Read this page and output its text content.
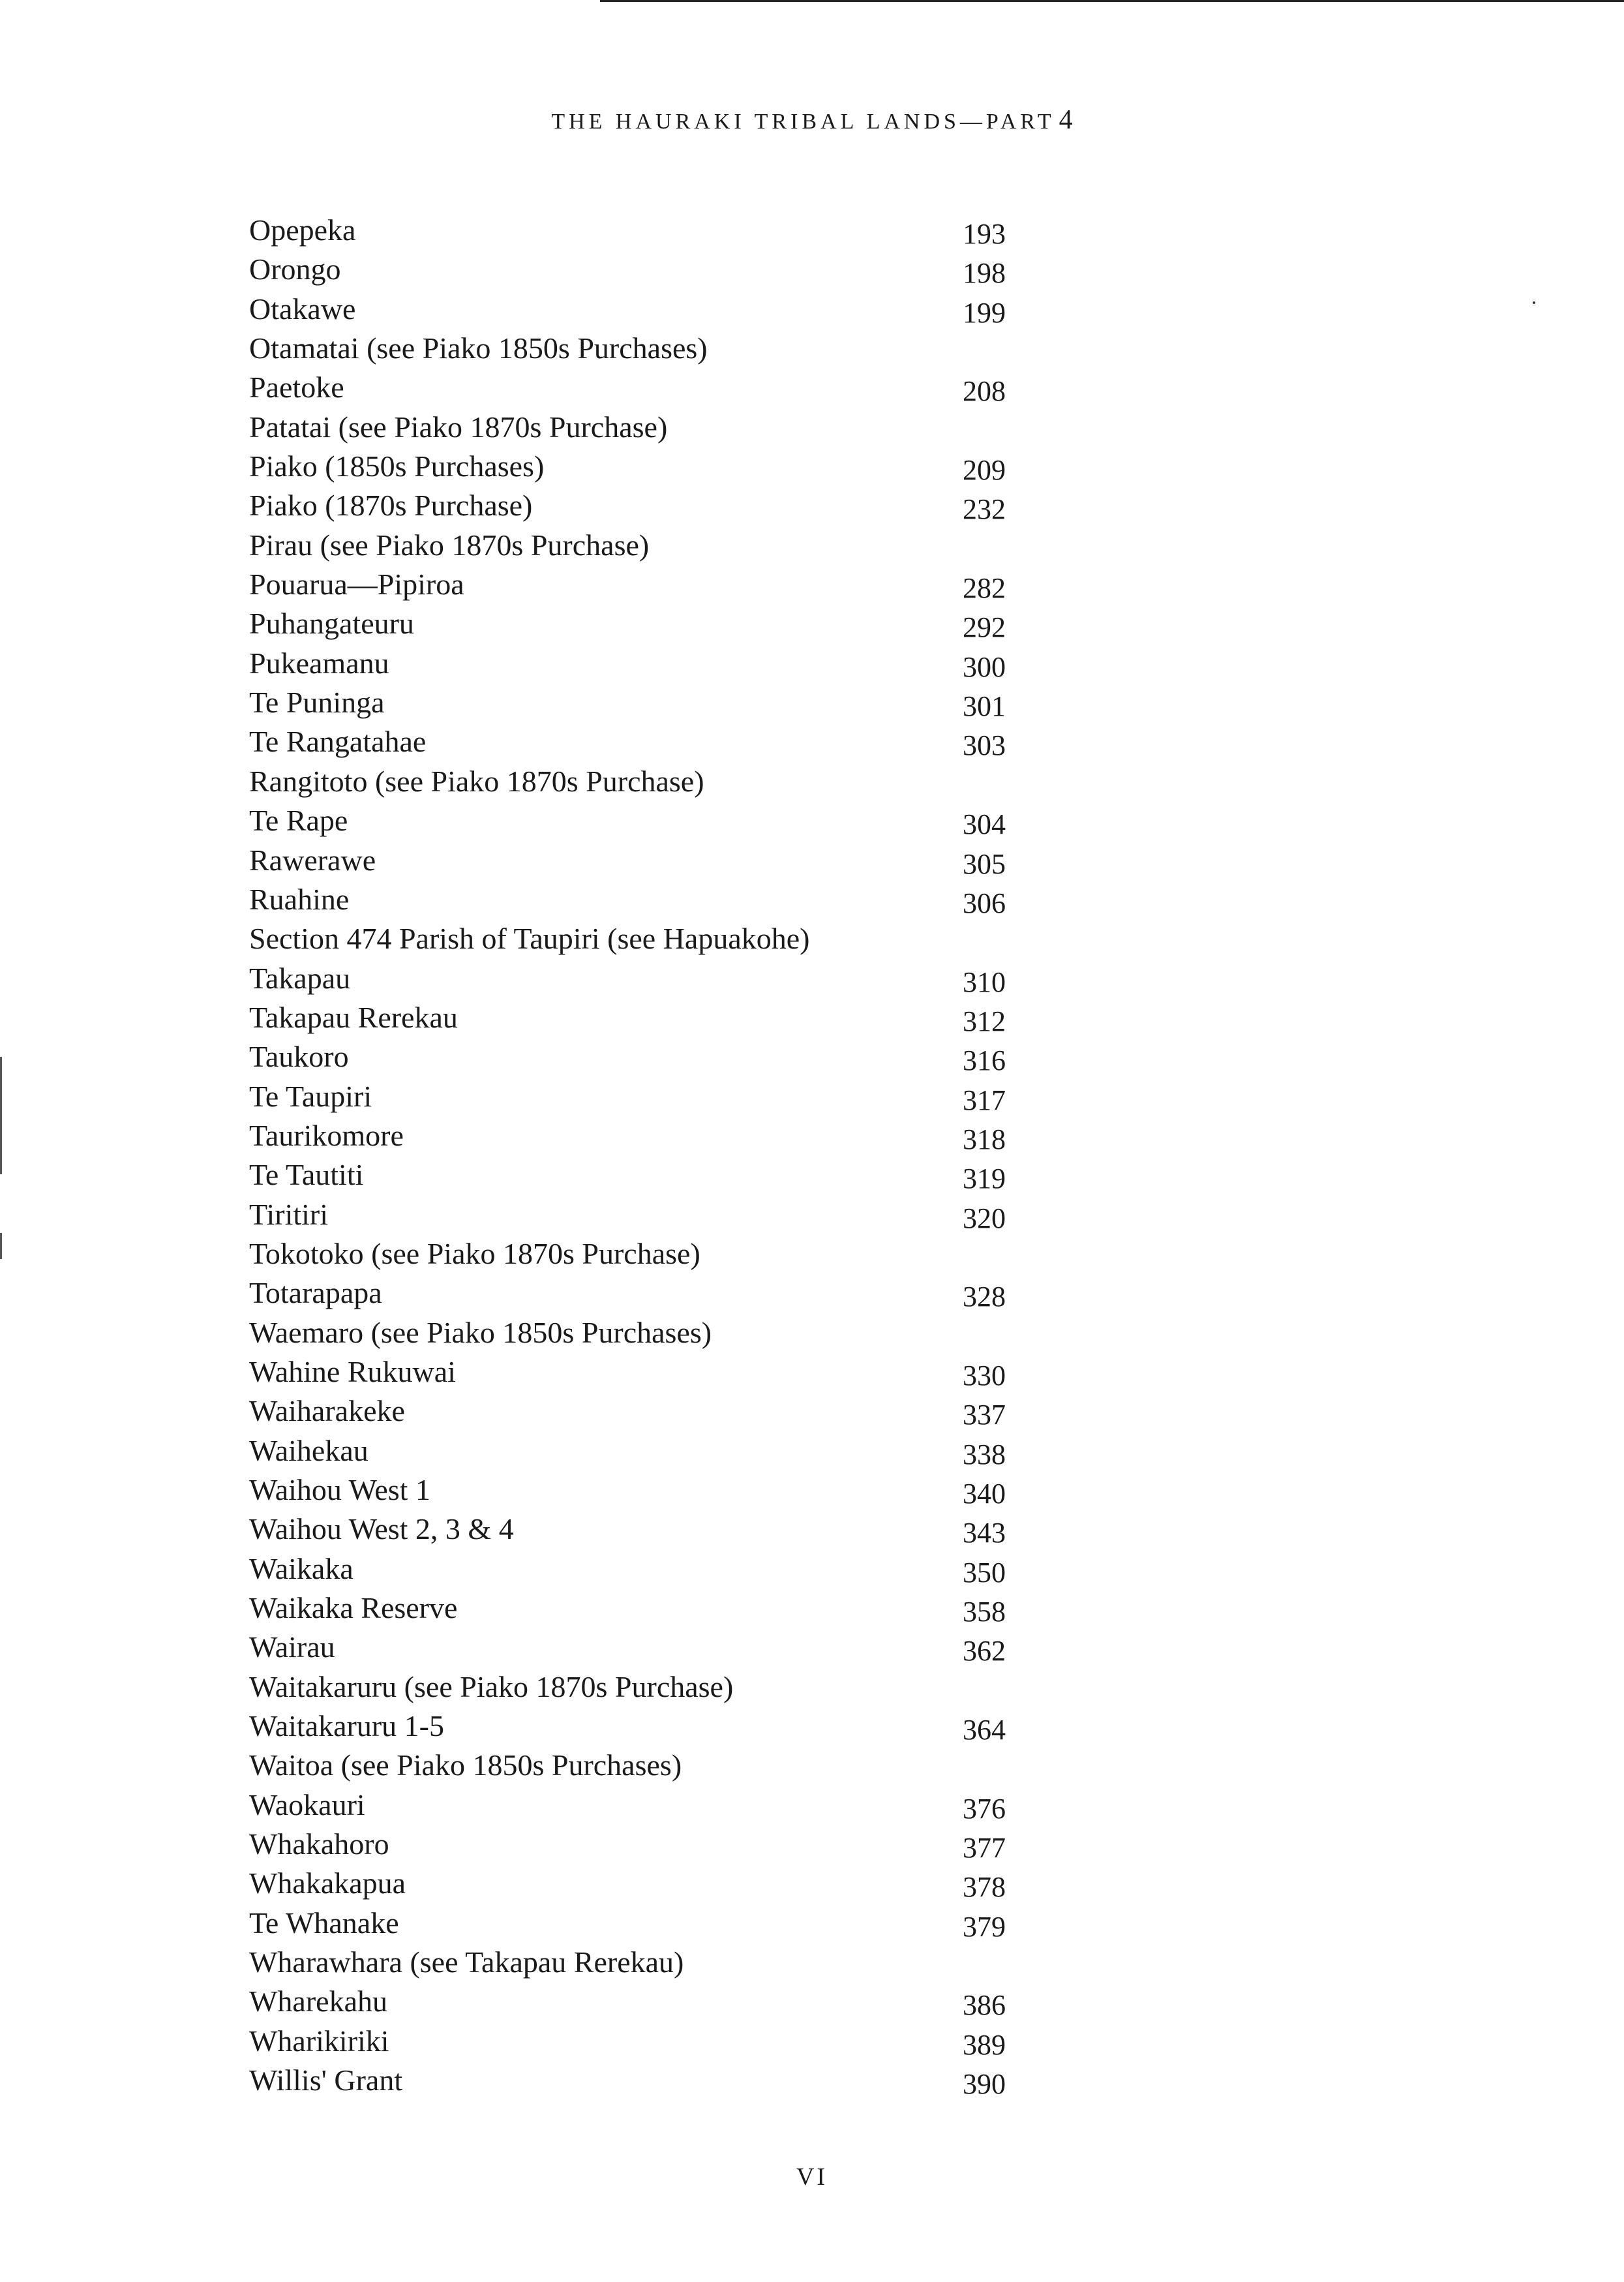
THE HAURAKI TRIBAL LANDS—PART 4
Opepeka	193
Orongo	198
Otakawe	199
Otamatai (see Piako 1850s Purchases)
Paetoke	208
Patatai (see Piako 1870s Purchase)
Piako (1850s Purchases)	209
Piako (1870s Purchase)	232
Pirau (see Piako 1870s Purchase)
Pouarua—Pipiroa	282
Puhangateuru	292
Pukeamanu	300
Te Puninga	301
Te Rangatahae	303
Rangitoto (see Piako 1870s Purchase)
Te Rape	304
Rawerawe	305
Ruahine	306
Section 474 Parish of Taupiri (see Hapuakohe)
Takapau	310
Takapau Rerekau	312
Taukoro	316
Te Taupiri	317
Taurikomore	318
Te Tautiti	319
Tiritiri	320
Tokotoko (see Piako 1870s Purchase)
Totarapapa	328
Waemaro (see Piako 1850s Purchases)
Wahine Rukuwai	330
Waiharakeke	337
Waihekau	338
Waihou West 1	340
Waihou West 2, 3 & 4	343
Waikaka	350
Waikaka Reserve	358
Wairau	362
Waitakaruru (see Piako 1870s Purchase)
Waitakaruru 1-5	364
Waitoa (see Piako 1850s Purchases)
Waokauri	376
Whakahoro	377
Whakakapua	378
Te Whanake	379
Wharawhara (see Takapau Rerekau)
Wharekahu	386
Wharikiriki	389
Willis' Grant	390
VI
